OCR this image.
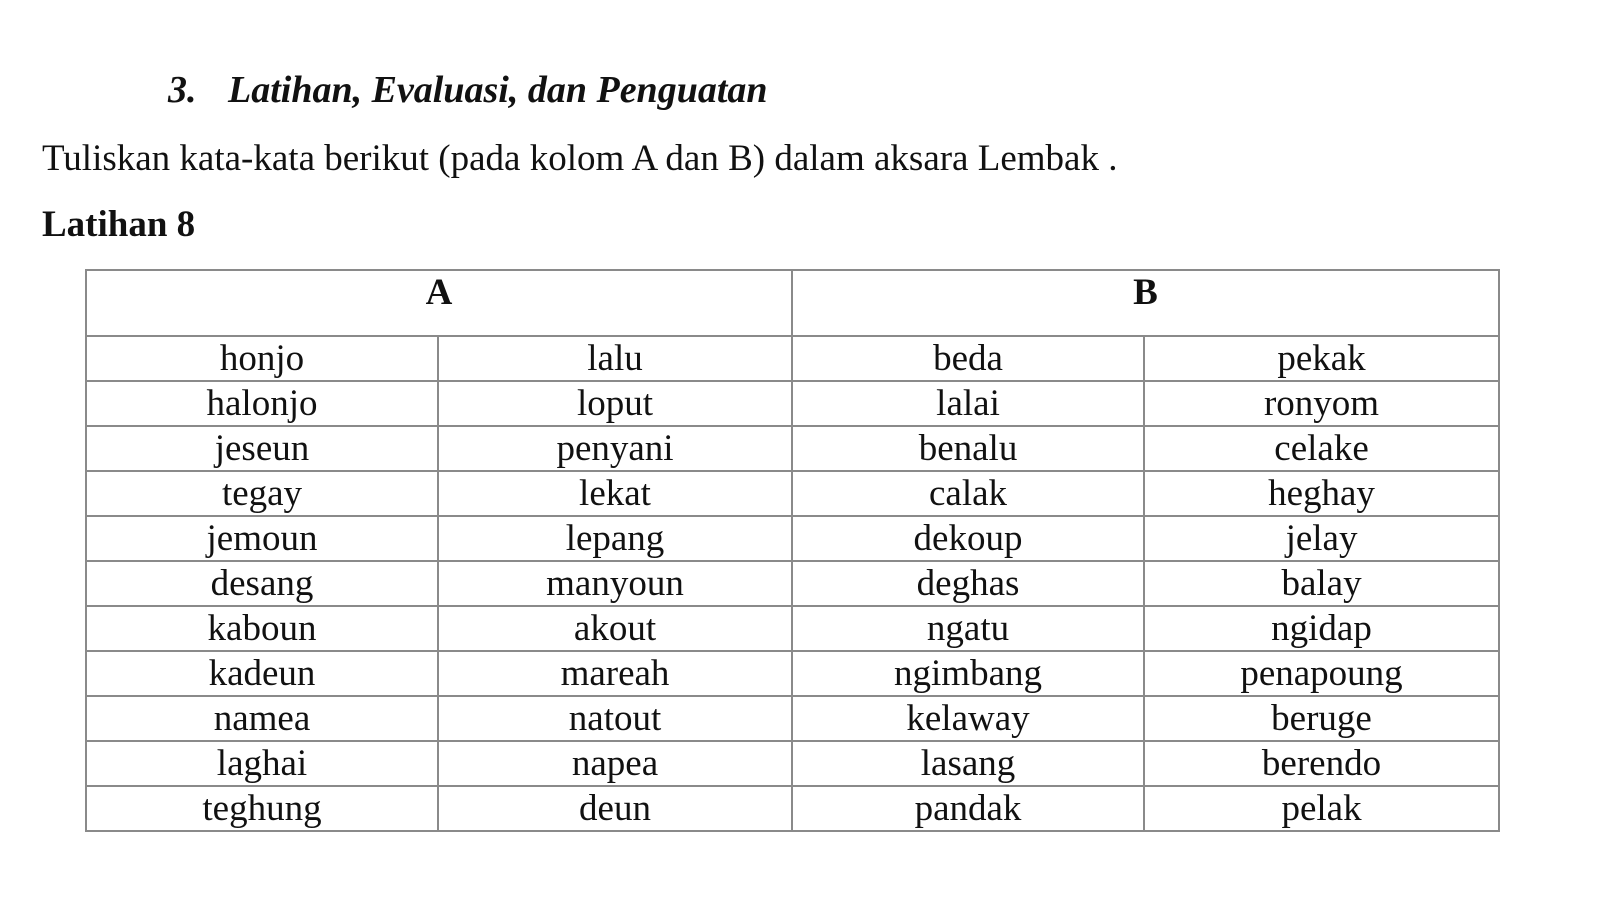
3. Latihan, Evaluasi, dan Penguatan
Tuliskan kata-kata berikut (pada kolom A dan B) dalam aksara Lembak .
Latihan 8
A		B	
honjo	lalu	beda	pekak
halonjo	loput	lalai	ronyom
jeseun	penyani	benalu	celake
tegay	lekat	calak	heghay
jemoun	lepang	dekoup	jelay
desang	manyoun	deghas	balay
kaboun	akout	ngatu	ngidap
kadeun	mareah	ngimbang	penapoung
namea	natout	kelaway	beruge
laghai	napea	lasang	berendo
teghung	deun	pandak	pelak
